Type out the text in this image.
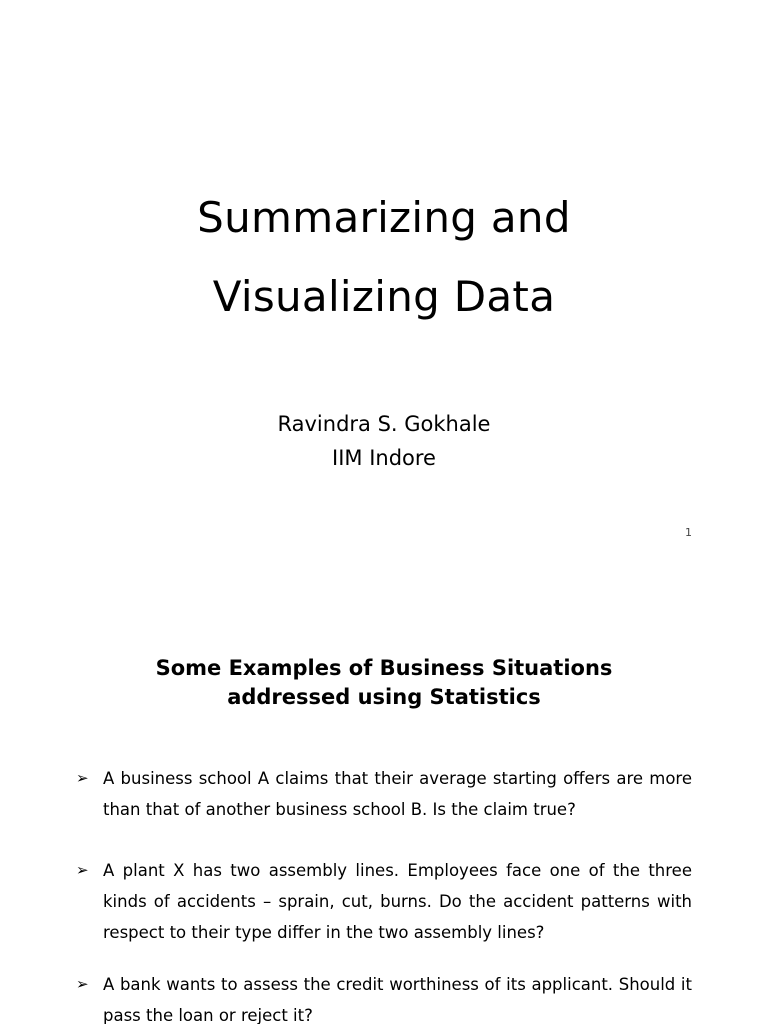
Summarizing and
Visualizing Data
Ravindra S. Gokhale
IIM Indore
1
Some Examples of Business Situations
addressed using Statistics
➢ A business school A claims that their average starting offers are more than that of another business school B. Is the claim true?
➢ A plant X has two assembly lines. Employees face one of the three kinds of accidents – sprain, cut, burns. Do the accident patterns with respect to their type differ in the two assembly lines?
➢ A bank wants to assess the credit worthiness of its applicant. Should it pass the loan or reject it?
